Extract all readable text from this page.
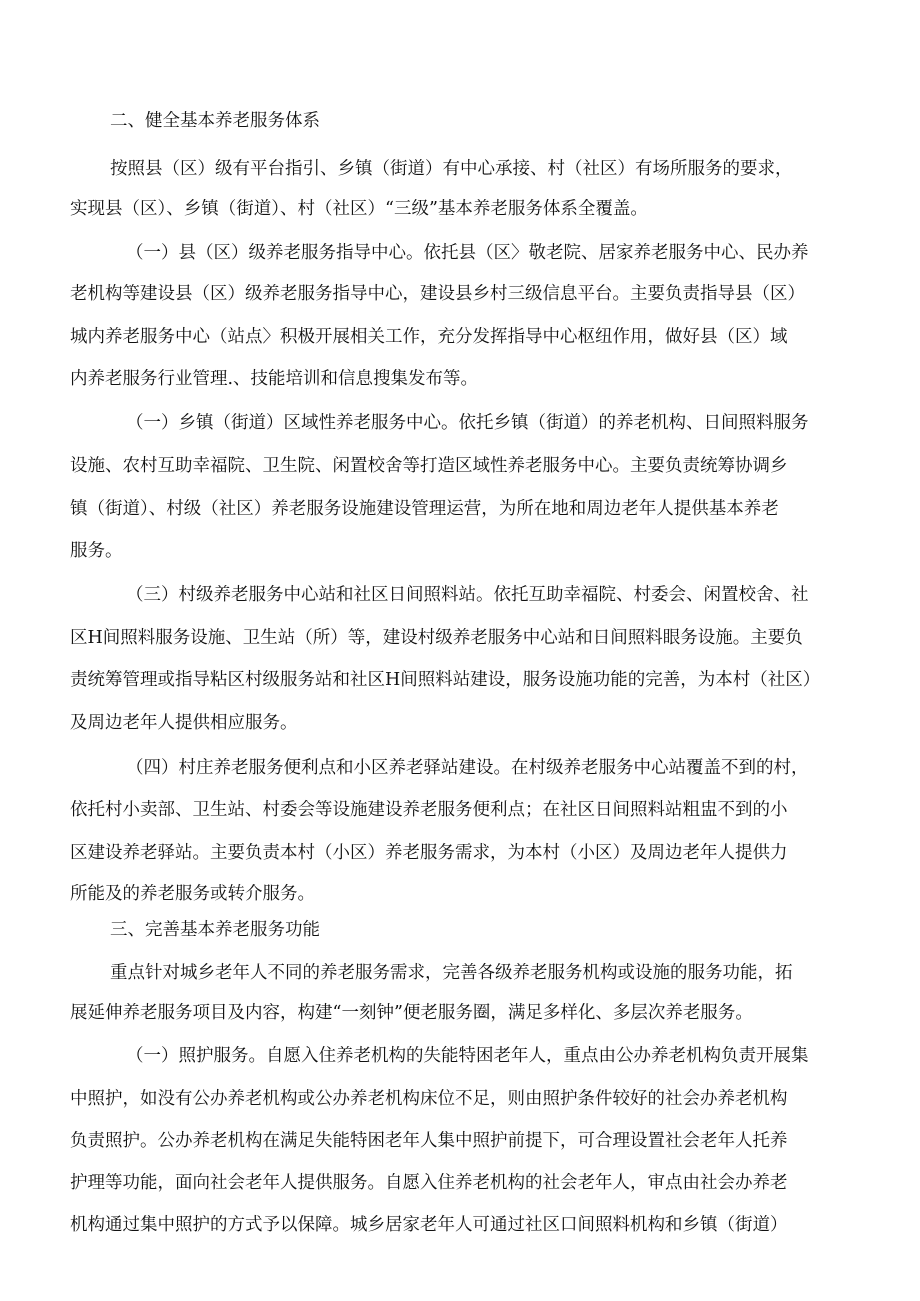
二、健全基本养老服务体系
按照县（区）级有平台指引、乡镇（街道）有中心承接、村（社区）有场所服务的要求，
实现县（区）、乡镇（街道）、村（社区）“三级”基本养老服务体系全覆盖。
（一）县（区）级养老服务指导中心。依托县（区〉敬老院、居家养老服务中心、民办养
老机构等建设县（区）级养老服务指导中心，建设县乡村三级信息平台。主要负责指导县（区）
城内养老服务中心（站点〉积极开展相关工作，充分发挥指导中心枢纽作用，做好县（区）域
内养老服务行业管理.、技能培训和信息搜集发布等。
（一）乡镇（街道）区域性养老服务中心。依托乡镇（街道）的养老机构、日间照料服务
设施、农村互助幸福院、卫生院、闲置校舍等打造区域性养老服务中心。主要负责统筹协调乡
镇（街道）、村级（社区）养老服务设施建设管理运营，为所在地和周边老年人提供基本养老
服务。
（三）村级养老服务中心站和社区日间照料站。依托互助幸福院、村委会、闲置校舍、社
区H间照料服务设施、卫生站（所）等，建设村级养老服务中心站和日间照料眼务设施。主要负
责统筹管理或指导粘区村级服务站和社区H间照料站建设，服务设施功能的完善，为本村（社区）
及周边老年人提供相应服务。
（四）村庄养老服务便利点和小区养老驿站建设。在村级养老服务中心站覆盖不到的村，
依托村小卖部、卫生站、村委会等设施建设养老服务便利点；在社区日间照料站粗盅不到的小
区建设养老驿站。主要负责本村（小区）养老服务需求，为本村（小区）及周边老年人提供力
所能及的养老服务或转介服务。
三、完善基本养老服务功能
重点针对城乡老年人不同的养老服务需求，完善各级养老服务机构或设施的服务功能，拓
展延伸养老服务项目及内容，构建“一刻钟”便老服务圈，满足多样化、多层次养老服务。
（一）照护服务。自愿入住养老机构的失能特困老年人，重点由公办养老机构负责开展集
中照护，如没有公办养老机构或公办养老机构床位不足，则由照护条件较好的社会办养老机构
负责照护。公办养老机构在满足失能特困老年人集中照护前提下，可合理设置社会老年人托养
护理等功能，面向社会老年人提供服务。自愿入住养老机构的社会老年人，审点由社会办养老
机构通过集中照护的方式予以保障。城乡居家老年人可通过社区口间照料机构和乡镇（街道）
